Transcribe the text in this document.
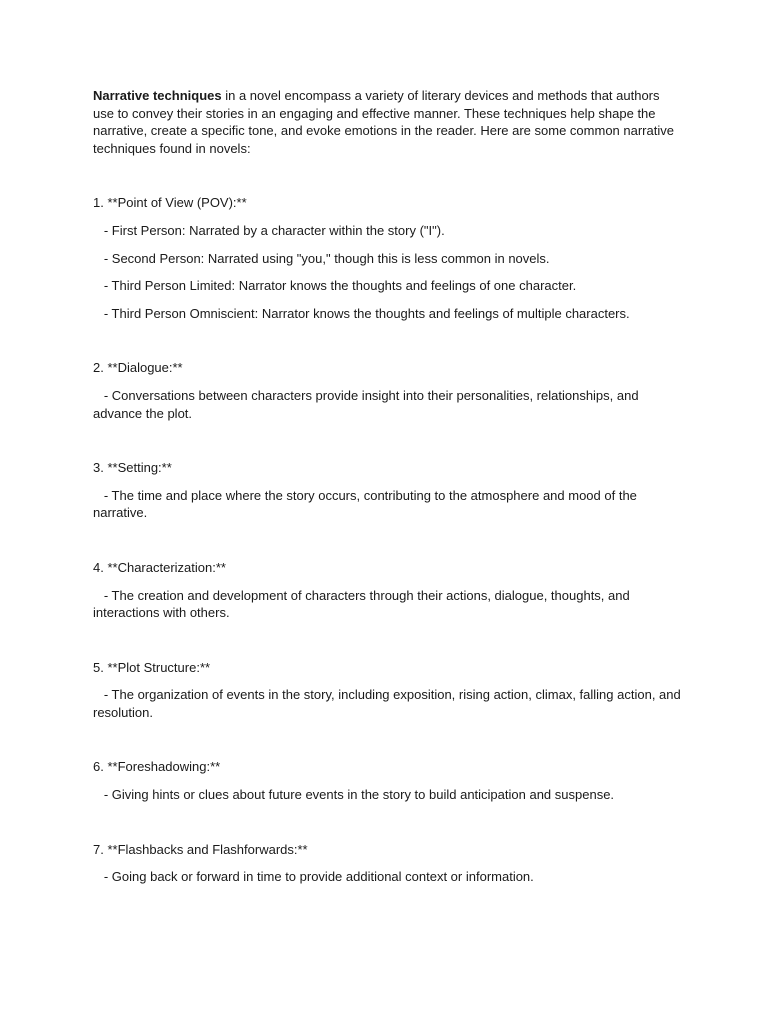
Narrative techniques in a novel encompass a variety of literary devices and methods that authors use to convey their stories in an engaging and effective manner. These techniques help shape the narrative, create a specific tone, and evoke emotions in the reader. Here are some common narrative techniques found in novels:

1. **Point of View (POV):**

- First Person: Narrated by a character within the story ("I").

- Second Person: Narrated using "you," though this is less common in novels.

- Third Person Limited: Narrator knows the thoughts and feelings of one character.

- Third Person Omniscient: Narrator knows the thoughts and feelings of multiple characters.

2. **Dialogue:**

- Conversations between characters provide insight into their personalities, relationships, and advance the plot.

3. **Setting:**

- The time and place where the story occurs, contributing to the atmosphere and mood of the narrative.

4. **Characterization:**

- The creation and development of characters through their actions, dialogue, thoughts, and interactions with others.

5. **Plot Structure:**

- The organization of events in the story, including exposition, rising action, climax, falling action, and resolution.

6. **Foreshadowing:**

- Giving hints or clues about future events in the story to build anticipation and suspense.

7. **Flashbacks and Flashforwards:**

- Going back or forward in time to provide additional context or information.
